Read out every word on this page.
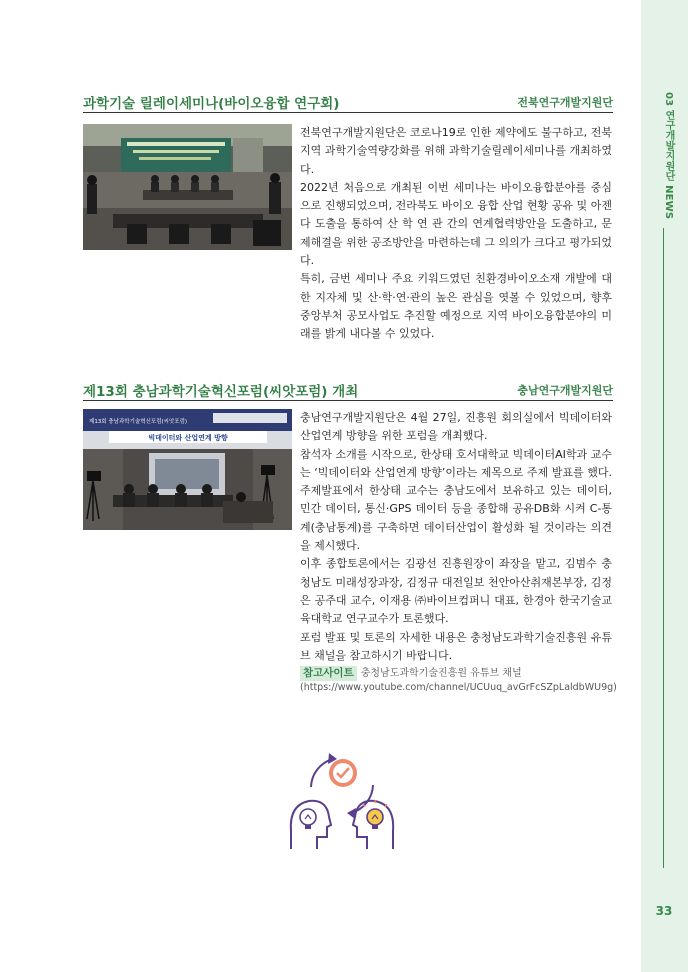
03 연구개발지원단 NEWS
33
과학기술 릴레이세미나(바이오융합 연구회)	전북연구개발지원단

전북연구개발지원단은 코로나19로 인한 제약에도 불구하고, 전북지역 과학기술역량강화를 위해 과학기술릴레이세미나를 개최하였다.

2022년 처음으로 개최된 이번 세미나는 바이오융합분야를 중심으로 진행되었으며, 전라북도 바이오 융합 산업 현황 공유 및 아젠다 도출을 통하여 산 학 연 관 간의 연계협력방안을 도출하고, 문제해결을 위한 공조방안을 마련하는데 그 의의가 크다고 평가되었다.

특히, 금번 세미나 주요 키워드였던 친환경바이오소재 개발에 대한 지자체 및 산·학·연·관의 높은 관심을 엿볼 수 있었으며, 향후 중앙부처 공모사업도 추진할 예정으로 지역 바이오융합분야의 미래를 밝게 내다볼 수 있었다.

제13회 충남과학기술혁신포럼(씨앗포럼) 개최	충남연구개발지원단
제13회 충남과학기술혁신포럼(씨앗포럼)
빅데이터와 산업연계 방향

충남연구개발지원단은 4월 27일, 진흥원 회의실에서 빅데이터와 산업연계 방향을 위한 포럼을 개최했다.

참석자 소개를 시작으로, 한상태 호서대학교 빅데이터AI학과 교수는 ‘빅데이터와 산업연계 방향’이라는 제목으로 주제 발표를 했다. 주제발표에서 한상태 교수는 충남도에서 보유하고 있는 데이터, 민간 데이터, 통신·GPS 데이터 등을 종합해 공유DB화 시켜 C-통계(충남통계)를 구축하면 데이터산업이 활성화 될 것이라는 의견을 제시했다.

이후 종합토론에서는 김광선 진흥원장이 좌장을 맡고, 김범수 충청남도 미래성장과장, 김정규 대전일보 천안아산취재본부장, 김정은 공주대 교수, 이재용 ㈜바이브컴퍼니 대표, 한경아 한국기술교육대학교 연구교수가 토론했다.

포럼 발표 및 토론의 자세한 내용은 충청남도과학기술진흥원 유튜브 채널을 참고하시기 바랍니다.

참고사이트 충청남도과학기술진흥원 유튜브 채널
(https://www.youtube.com/channel/UCUuq_avGrFcSZpLaldbWU9g)
